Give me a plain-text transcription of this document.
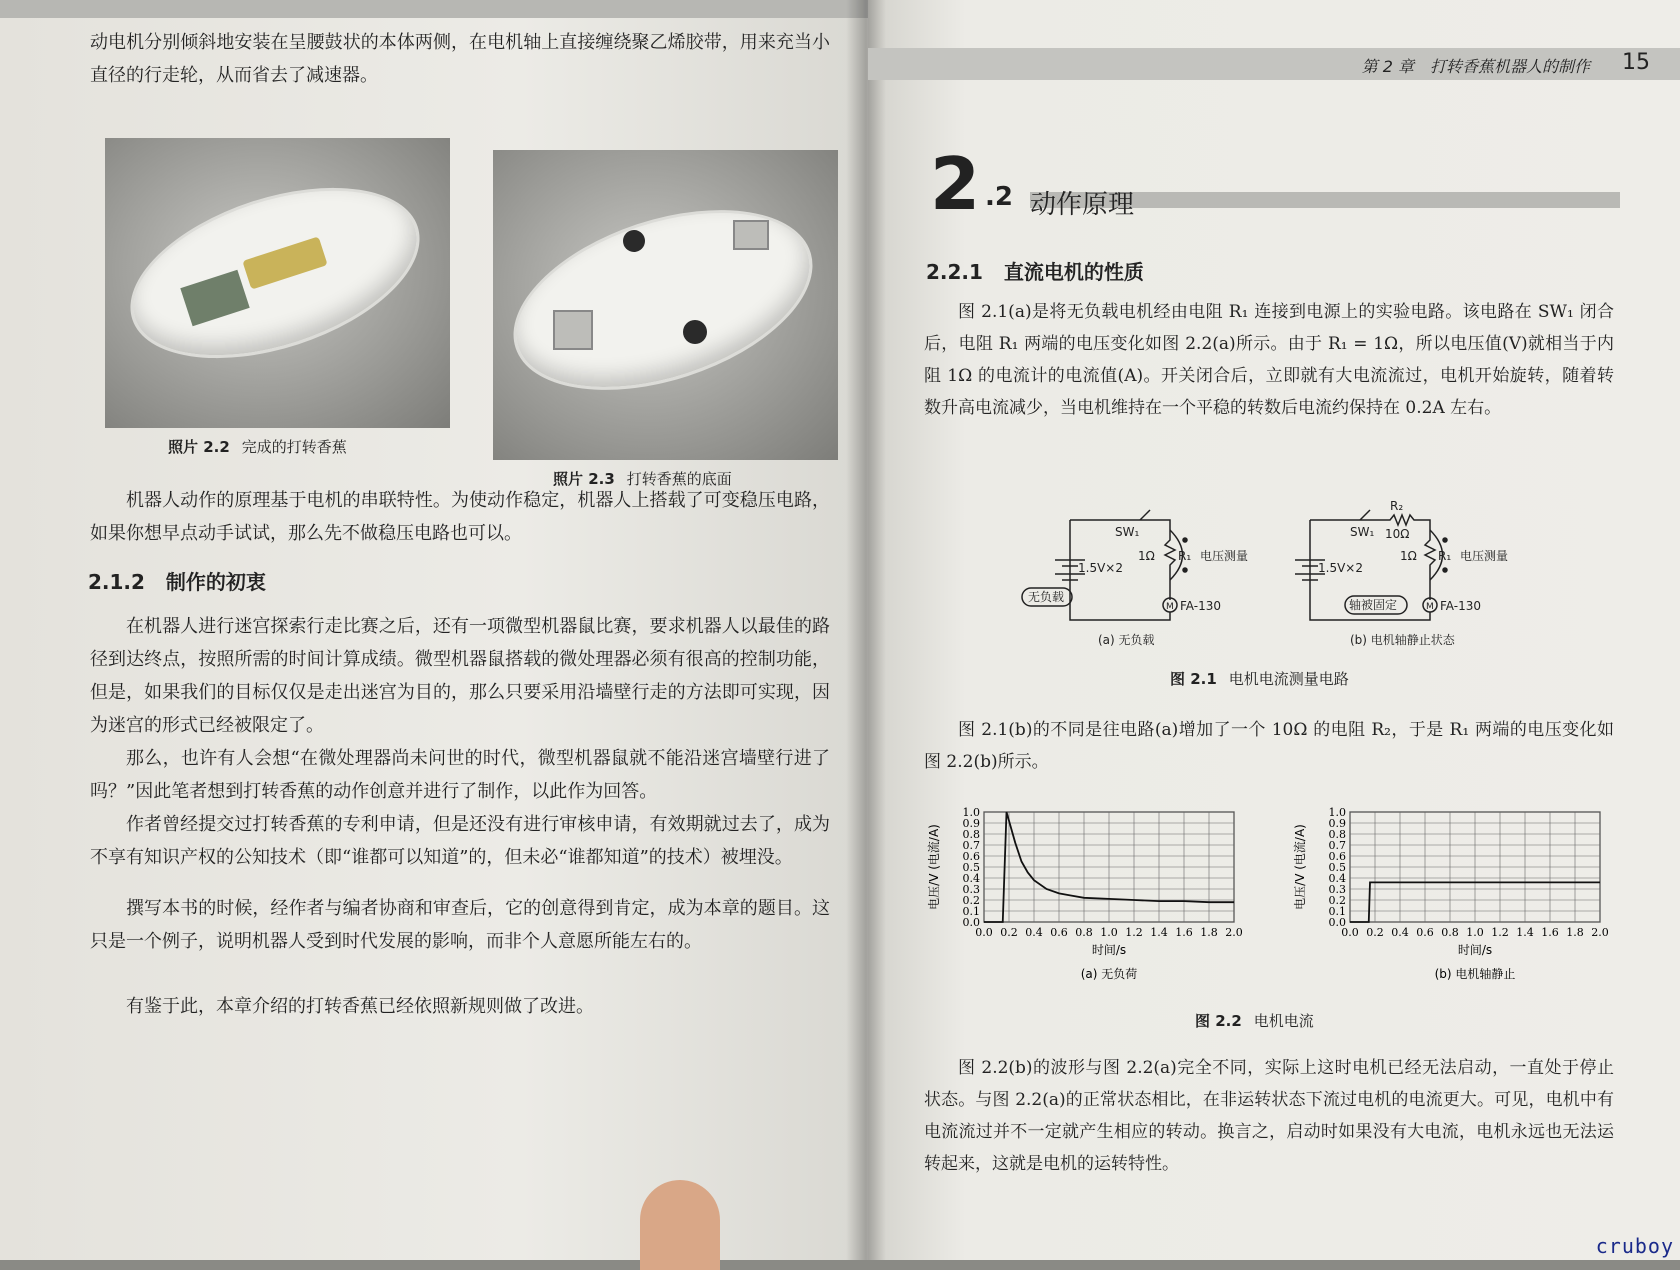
动电机分别倾斜地安装在呈腰鼓状的本体两侧，在电机轴上直接缠绕聚乙烯胶带，用来充当小直径的行走轮，从而省去了减速器。

照片 2.2 完成的打转香蕉
照片 2.3 打转香蕉的底面

机器人动作的原理基于电机的串联特性。为使动作稳定，机器人上搭载了可变稳压电路，如果你想早点动手试试，那么先不做稳压电路也可以。

2.1.2 制作的初衷

在机器人进行迷宫探索行走比赛之后，还有一项微型机器鼠比赛，要求机器人以最佳的路径到达终点，按照所需的时间计算成绩。微型机器鼠搭载的微处理器必须有很高的控制功能，但是，如果我们的目标仅仅是走出迷宫为目的，那么只要采用沿墙壁行走的方法即可实现，因为迷宫的形式已经被限定了。

那么，也许有人会想“在微处理器尚未问世的时代，微型机器鼠就不能沿迷宫墙壁行进了吗？”因此笔者想到打转香蕉的动作创意并进行了制作，以此作为回答。

作者曾经提交过打转香蕉的专利申请，但是还没有进行审核申请，有效期就过去了，成为不享有知识产权的公知技术（即“谁都可以知道”的，但未必“谁都知道”的技术）被埋没。

撰写本书的时候，经作者与编者协商和审查后，它的创意得到肯定，成为本章的题目。这只是一个例子，说明机器人受到时代发展的影响，而非个人意愿所能左右的。

有鉴于此，本章介绍的打转香蕉已经依照新规则做了改进。

第 2 章　打转香蕉机器人的制作 15
2 .2 动作原理
2.2.1 直流电机的性质

图 2.1(a)是将无负载电机经由电阻 R₁ 连接到电源上的实验电路。该电路在 SW₁ 闭合后，电阻 R₁ 两端的电压变化如图 2.2(a)所示。由于 R₁ = 1Ω，所以电压值(V)就相当于内阻 1Ω 的电流计的电流值(A)。开关闭合后，立即就有大电流流过，电机开始旋转，随着转数升高电流减少，当电机维持在一个平稳的转数后电流约保持在 0.2A 左右。

SW₁
1Ω R₁
1.5V×2
电压测量
无负载
M FA-130
(a) 无负载
SW₁
R₂
10Ω
1Ω R₁
1.5V×2
电压测量
轴被固定	M FA-130
(b) 电机轴静止状态
图 2.1 电机电流测量电路

图 2.1(b)的不同是往电路(a)增加了一个 10Ω 的电阻 R₂，于是 R₁ 两端的电压变化如图 2.2(b)所示。

0.0 0.2 0.4 0.6 0.8 1.0 1.2 1.4 1.6 1.8 2.0
0.0
0.1
0.2
0.3
0.4
0.5
0.6
0.7
0.8
0.9
1.0
时间/s
电压/V (电流/A)
(a) 无负荷
0.0 0.2 0.4 0.6 0.8 1.0 1.2 1.4 1.6 1.8 2.0
0.0
0.1
0.2
0.3
0.4
0.5
0.6
0.7
0.8
0.9
1.0
时间/s
电压/V (电流/A)
(b) 电机轴静止
图 2.2 电机电流

图 2.2(b)的波形与图 2.2(a)完全不同，实际上这时电机已经无法启动，一直处于停止状态。与图 2.2(a)的正常状态相比，在非运转状态下流过电机的电流更大。可见，电机中有电流流过并不一定就产生相应的转动。换言之，启动时如果没有大电流，电机永远也无法运转起来，这就是电机的运转特性。

cruboy
